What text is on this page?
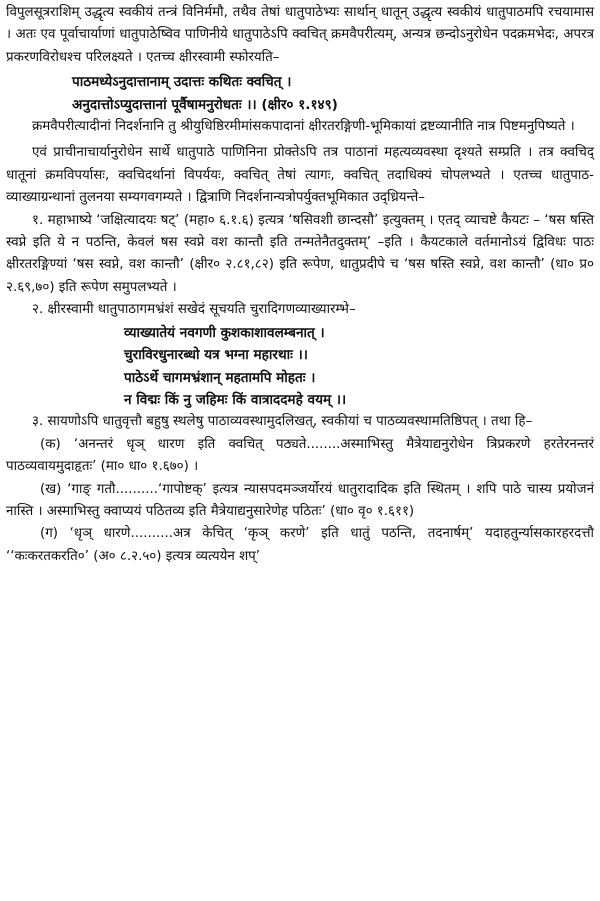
विपुलसूत्रराशिम् उद्धृत्य स्वकीयं तन्त्रं विनिर्ममौ, तथैव तेषां धातुपाठेभ्यः सार्थान् धातून् उद्धृत्य स्वकीयं धातुपाठमपि रचयामास । अतः एव पूर्वाचार्याणां धातुपाठेष्विव पाणिनीये धातुपाठेऽपि क्वचित् क्रमवैपरीत्यम्, अन्यत्र छन्दोऽनुरोधेन पदक्रमभेदः, अपरत्र प्रकरणविरोधश्च परिलक्ष्यते । एतच्च क्षीरस्वामी स्फोरयति–

पाठमध्येऽनुदात्तानाम् उदात्तः कथितः क्वचित् ।

अनुदात्तोऽप्युदात्तानां पूर्वैषामनुरोधतः ।। (क्षीर० १.१४९)

क्रमवैपरीत्यादीनां निदर्शनानि तु श्रीयुधिष्ठिरमीमांसकपादानां क्षीरतरङ्गिणी-भूमिकायां द्रष्टव्यानीति नात्र पिष्टमनुपिष्यते ।

एवं प्राचीनाचार्यानुरोधेन सार्थे धातुपाठे पाणिनिना प्रोक्तेऽपि तत्र पाठानां महत्यव्यवस्था दृश्यते सम्प्रति । तत्र क्वचिद् धातूनां क्रमविपर्यासः, क्वचिदर्थानां विपर्ययः, क्वचित् तेषां त्यागः, क्वचित् तदाधिक्यं चोपलभ्यते । एतच्च धातुपाठ-व्याख्याग्रन्थानां तुलनया सम्यगवगम्यते । द्वित्राणि निदर्शनान्यत्रोपर्युक्तभूमिकात उद्‌ध्रियन्ते–

१. महाभाष्ये ‘जक्षित्यादयः षट्’ (महा० ६.१.६) इत्यत्र ‘षसिवशी छान्दसौ’ इत्युक्तम् । एतद् व्याचष्टे कैयटः – ‘षस षस्ति स्वप्ने इति ये न पठन्ति, केवलं षस स्वप्ने वश कान्तौ इति तन्मतेनैतदुक्तम्’ –इति । कैयटकाले वर्तमानोऽयं द्विविधः पाठः क्षीरतरङ्गिण्यां ‘षस स्वप्ने, वश कान्तौ’ (क्षीर० २.८१,८२) इति रूपेण, धातुप्रदीपे च ‘षस षस्ति स्वप्ने, वश कान्तौ’ (धा० प्र० २.६९,७०) इति रूपेण समुपलभ्यते ।

२. क्षीरस्वामी धातुपाठागमभ्रंशं सखेदं सूचयति चुरादिगणव्याख्यारम्भे–

व्याख्यातेयं नवगणी कुशकाशावलम्बनात् ।

चुराविरधुनारब्धो यत्र भग्ना महारथाः ।।

पाठेऽर्थे चागमभ्रंशान् महतामपि मोहतः ।

न विद्मः किं नु जहिमः किं वात्राददमहे वयम् ।।

३. सायणोऽपि धातुवृत्तौ बहुषु स्थलेषु पाठाव्यवस्थामुदलिखत्, स्वकीयां च पाठव्यवस्थामतिष्ठिपत् । तथा हि–

(क) ‘अनन्तरं धृञ् धारण इति क्वचित् पठ्यते........अस्माभिस्तु मैत्रेयाद्यनुरोधेन त्रिप्रकरणे हरतेरनन्तरं पाठव्यवायमुदाहृतः’ (मा० धा० १.६७०) ।

(ख) ‘गाङ् गतौ..........‘गापोष्टक्’ इत्यत्र न्यासपदमञ्जर्योरयं धातुरादादिक इति स्थितम् । शपि पाठे चास्य प्रयोजनं नास्ति । अस्माभिस्तु क्वाप्ययं पठितव्य इति मैत्रेयाद्यनुसारेणेह पठितः’ (धा० वृ० १.६११)

(ग) ‘धृञ् धारणे..........अत्र केचित् ‘कृञ् करणे’ इति धातुं पठन्ति, तदनार्षम्’ यदाहतुर्न्यासकारहरदत्तौ ‘‘कःकरतकरति०’ (अ० ८.२.५०) इत्यत्र व्यत्ययेन शप्’
